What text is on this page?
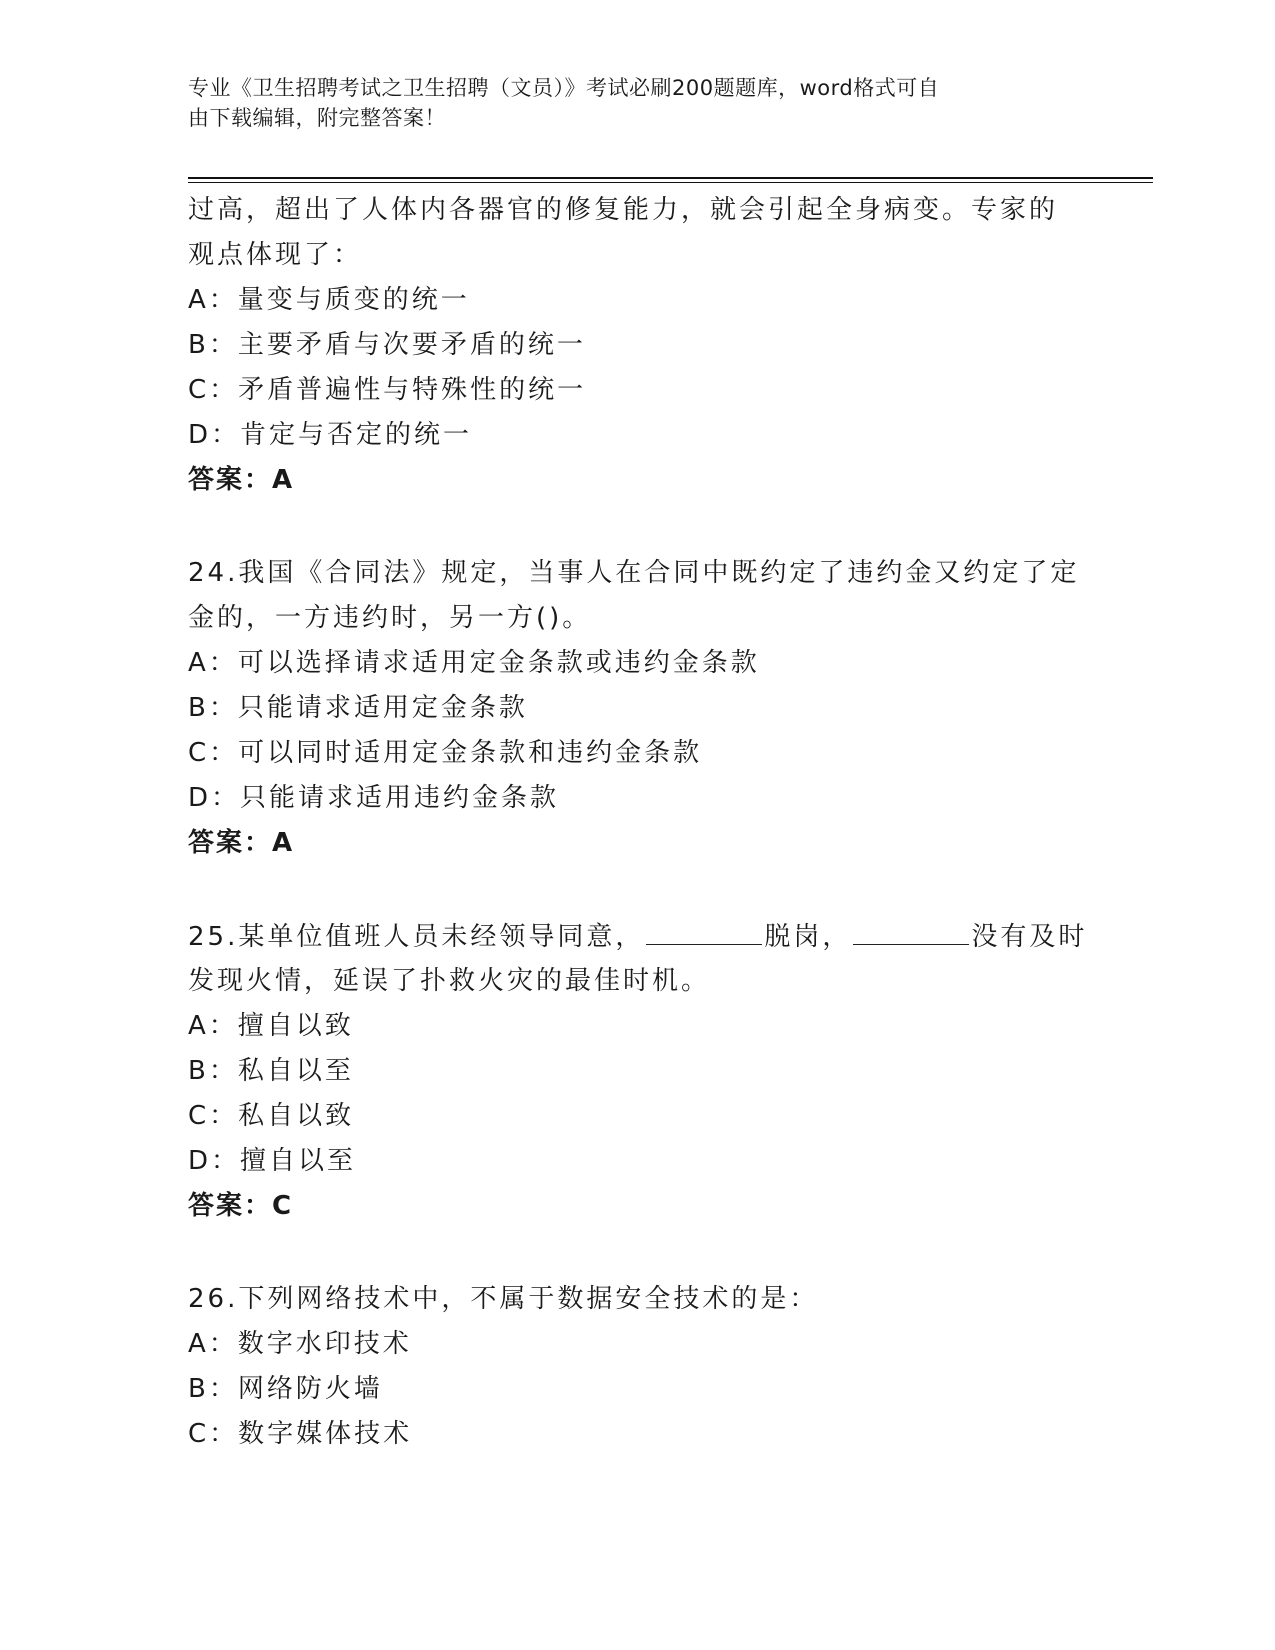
专业《卫生招聘考试之卫生招聘（文员）》考试必刷200题题库，word格式可自
由下载编辑，附完整答案！
过高，超出了人体内各器官的修复能力，就会引起全身病变。专家的
观点体现了：
A：量变与质变的统一
B：主要矛盾与次要矛盾的统一
C：矛盾普遍性与特殊性的统一
D：肯定与否定的统一
答案：A
24.我国《合同法》规定，当事人在合同中既约定了违约金又约定了定
金的，一方违约时，另一方()。
A：可以选择请求适用定金条款或违约金条款
B：只能请求适用定金条款
C：可以同时适用定金条款和违约金条款
D：只能请求适用违约金条款
答案：A
25.某单位值班人员未经领导同意，	脱岗，	没有及时
发现火情，延误了扑救火灾的最佳时机。
A：擅自以致
B：私自以至
C：私自以致
D：擅自以至
答案：C
26.下列网络技术中，不属于数据安全技术的是：
A：数字水印技术
B：网络防火墙
C：数字媒体技术
